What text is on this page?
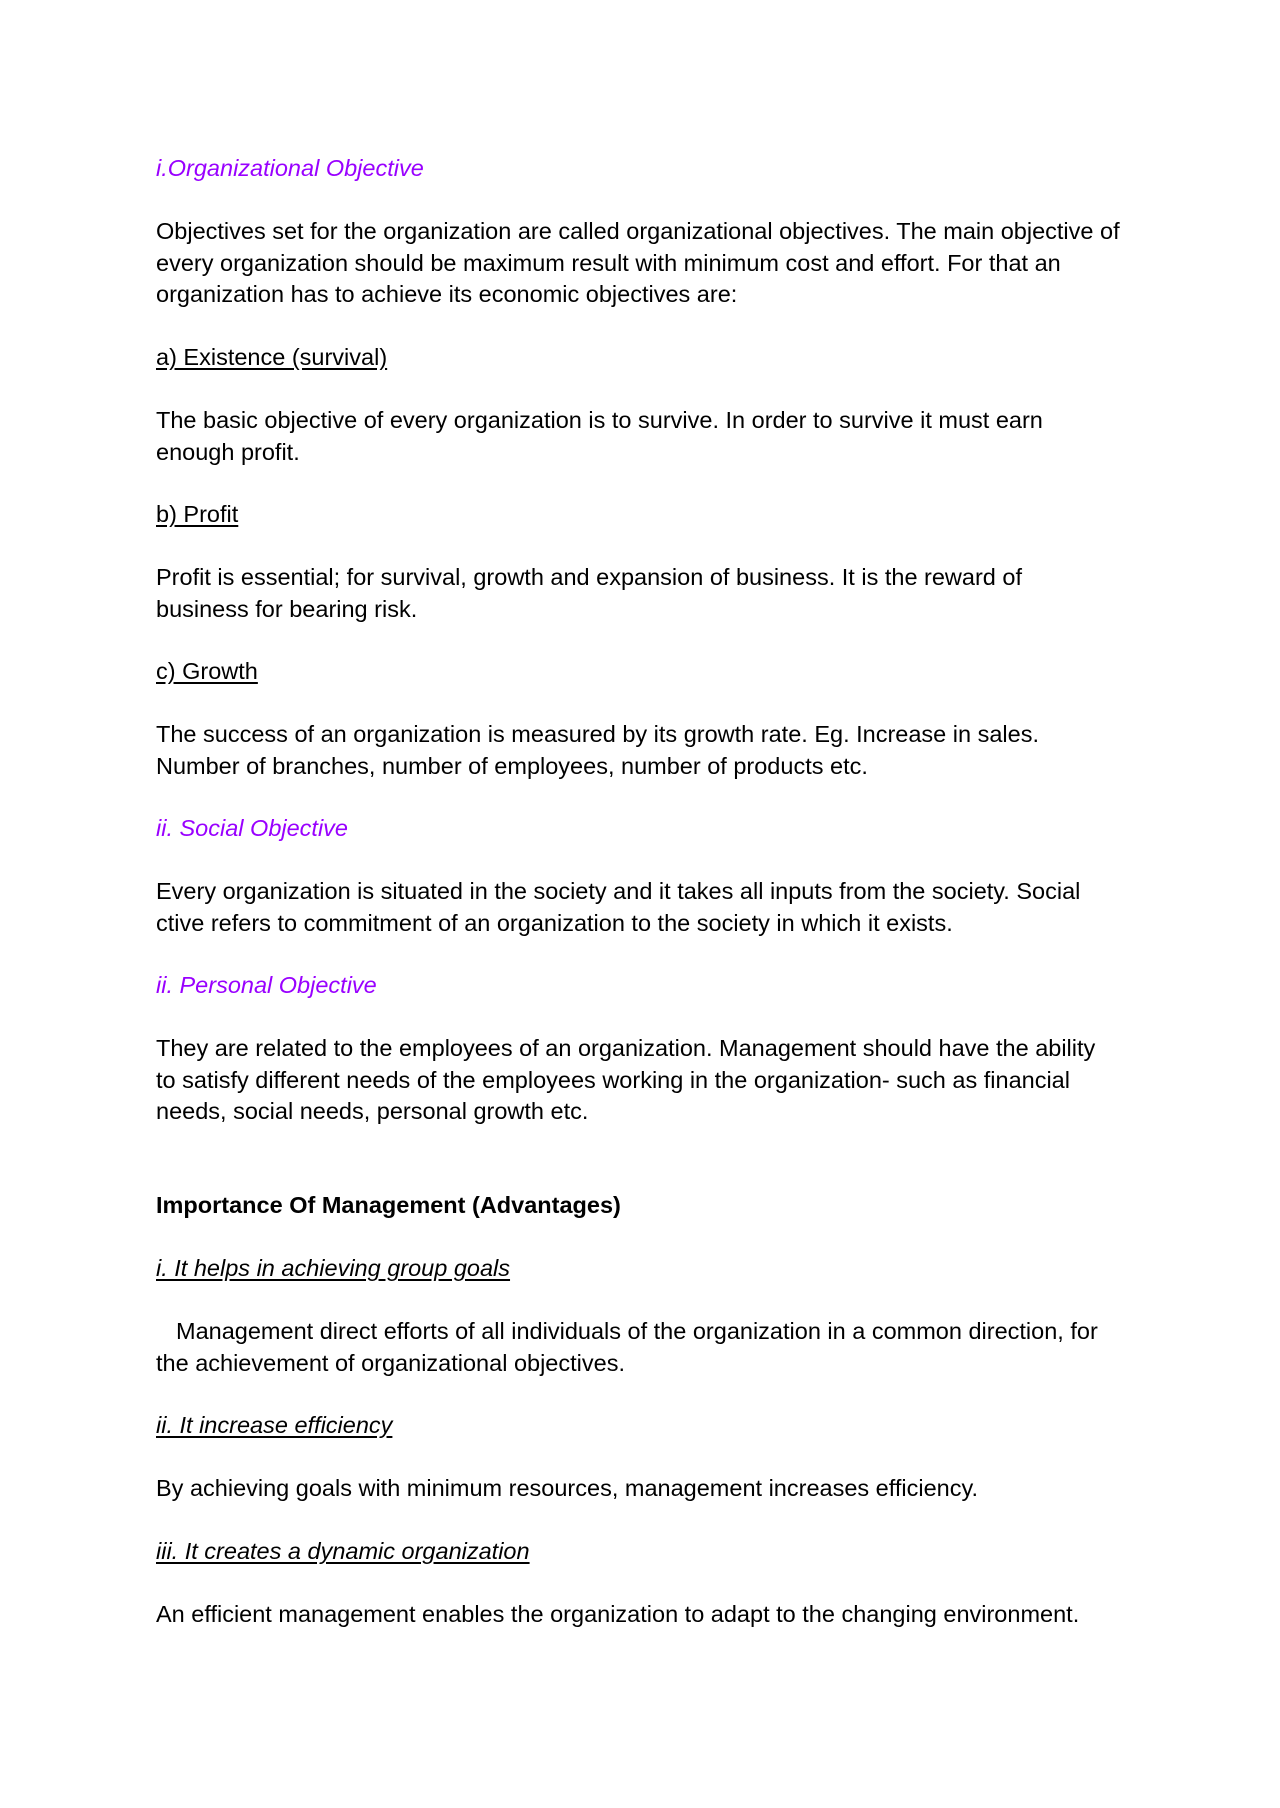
i.Organizational Objective

Objectives set for the organization are called organizational objectives. The main objective of every organization should be maximum result with minimum cost and effort. For that an organization has to achieve its economic objectives are:

a) Existence (survival)

The basic objective of every organization is to survive. In order to survive it must earn enough profit.

b) Profit

Profit is essential; for survival, growth and expansion of business. It is the reward of business for bearing risk.

c) Growth

The success of an organization is measured by its growth rate. Eg. Increase in sales. Number of branches, number of employees, number of products etc.

ii. Social Objective

Every organization is situated in the society and it takes all inputs from the society. Social ctive refers to commitment of an organization to the society in which it exists.

ii. Personal Objective

They are related to the employees of an organization. Management should have the ability to satisfy different needs of the employees working in the organization- such as financial needs, social needs, personal growth etc.

Importance Of Management (Advantages)

i. It helps in achieving group goals

Management direct efforts of all individuals of the organization in a common direction, for the achievement of organizational objectives.

ii. It increase efficiency

By achieving goals with minimum resources, management increases efficiency.

iii. It creates a dynamic organization

An efficient management enables the organization to adapt to the changing environment.
